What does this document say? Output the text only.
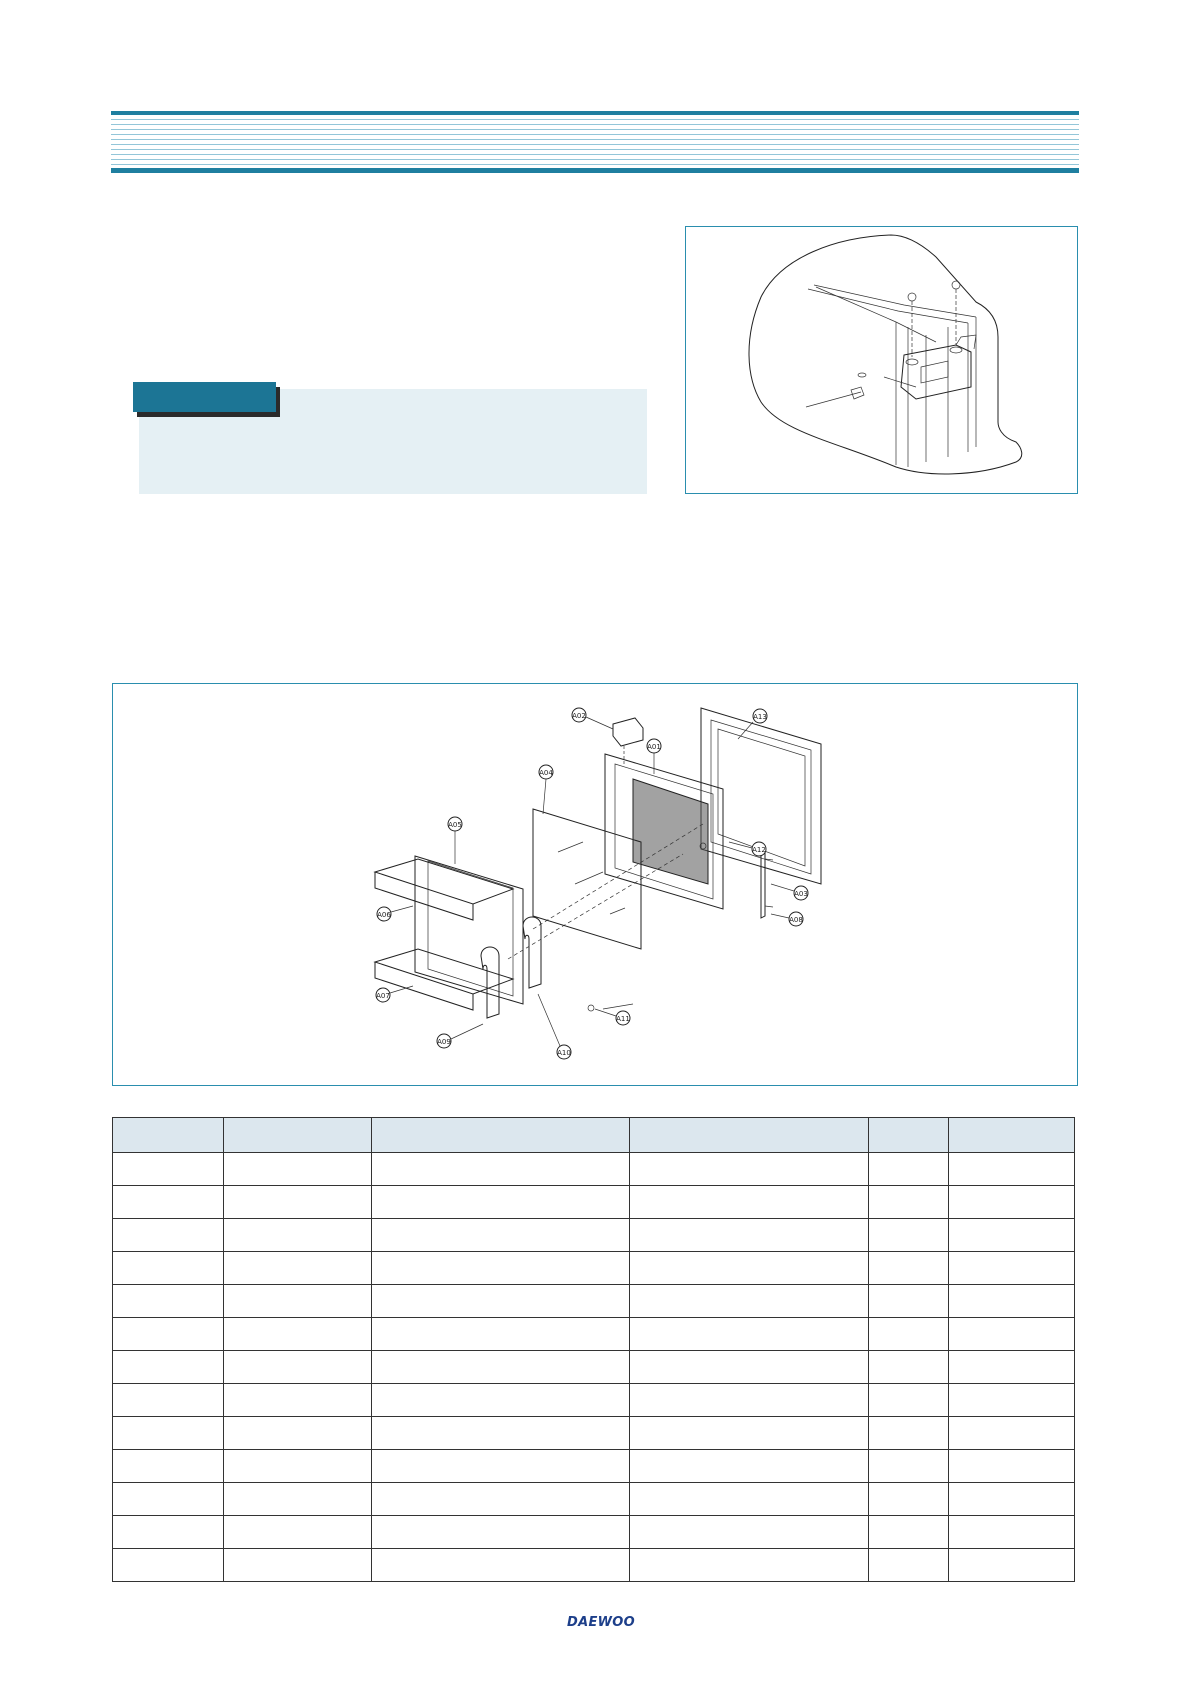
A02	A13
A01
A04
A05
A12
A03
A08
A06
A07
A11
A09
A10

DAEWOO
